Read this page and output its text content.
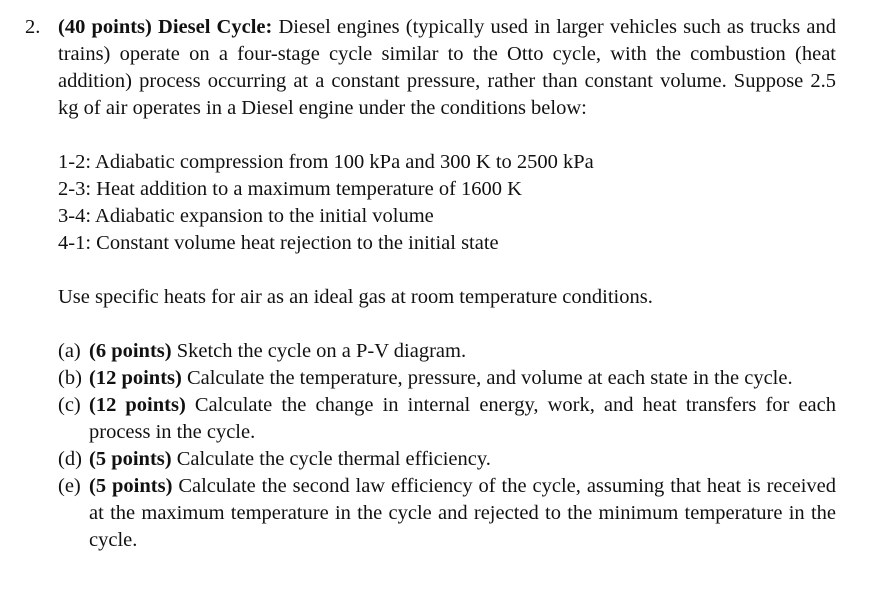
2. (40 points) Diesel Cycle: Diesel engines (typically used in larger vehicles such as trucks and trains) operate on a four-stage cycle similar to the Otto cycle, with the combustion (heat addition) process occurring at a constant pressure, rather than constant volume. Suppose 2.5 kg of air operates in a Diesel engine under the conditions below:

1-2: Adiabatic compression from 100 kPa and 300 K to 2500 kPa
2-3: Heat addition to a maximum temperature of 1600 K
3-4: Adiabatic expansion to the initial volume
4-1: Constant volume heat rejection to the initial state

Use specific heats for air as an ideal gas at room temperature conditions.

(a) (6 points) Sketch the cycle on a P-V diagram.
(b) (12 points) Calculate the temperature, pressure, and volume at each state in the cycle.
(c) (12 points) Calculate the change in internal energy, work, and heat transfers for each process in the cycle.
(d) (5 points) Calculate the cycle thermal efficiency.
(e) (5 points) Calculate the second law efficiency of the cycle, assuming that heat is received at the maximum temperature in the cycle and rejected to the minimum temperature in the cycle.
